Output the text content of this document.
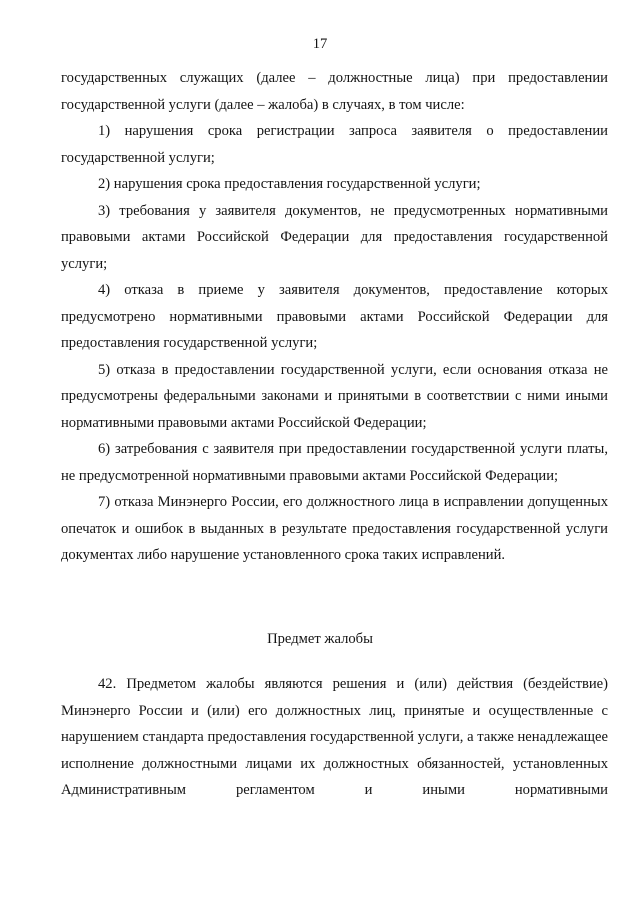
17

государственных служащих (далее – должностные лица) при предоставлении государственной услуги (далее – жалоба) в случаях, в том числе:

1) нарушения срока регистрации запроса заявителя о предоставлении государственной услуги;

2) нарушения срока предоставления государственной услуги;

3) требования у заявителя документов, не предусмотренных нормативными правовыми актами Российской Федерации для предоставления государственной услуги;

4) отказа в приеме у заявителя документов, предоставление которых предусмотрено нормативными правовыми актами Российской Федерации для предоставления государственной услуги;

5) отказа в предоставлении государственной услуги, если основания отказа не предусмотрены федеральными законами и принятыми в соответствии с ними иными нормативными правовыми актами Российской Федерации;

6) затребования с заявителя при предоставлении государственной услуги платы, не предусмотренной нормативными правовыми актами Российской Федерации;

7) отказа Минэнерго России, его должностного лица в исправлении допущенных опечаток и ошибок в выданных в результате предоставления государственной услуги документах либо нарушение установленного срока таких исправлений.

Предмет жалобы

42. Предметом жалобы являются решения и (или) действия (бездействие) Минэнерго России и (или) его должностных лиц, принятые и осуществленные с нарушением стандарта предоставления государственной услуги, а также ненадлежащее исполнение должностными лицами их должностных обязанностей, установленных Административным регламентом и иными нормативными
